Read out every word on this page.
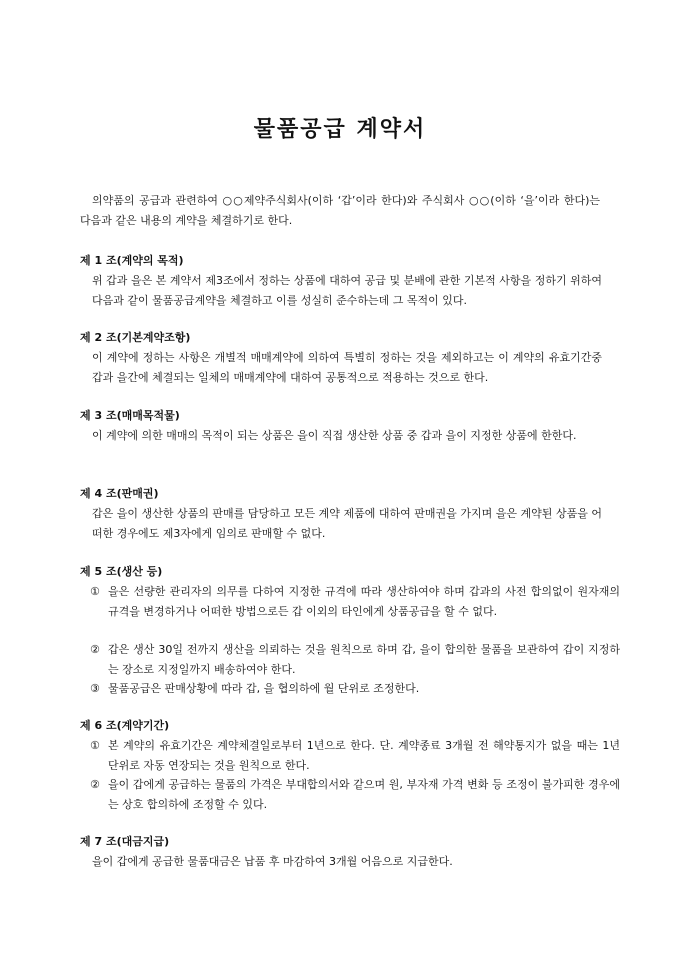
물품공급 계약서
의약품의 공급과 관련하여 ○○제약주식회사(이하 ‘갑’이라 한다)와 주식회사 ○○(이하 ‘을’이라 한다)는 다음과 같은 내용의 계약을 체결하기로 한다.
제 1 조(계약의 목적)
위 갑과 을은 본 계약서 제3조에서 정하는 상품에 대하여 공급 및 분배에 관한 기본적 사항을 정하기 위하여 다음과 같이 물품공급계약을 체결하고 이를 성실히 준수하는데 그 목적이 있다.
제 2 조(기본계약조항)
이 계약에 정하는 사항은 개별적 매매계약에 의하여 특별히 정하는 것을 제외하고는 이 계약의 유효기간중 갑과 을간에 체결되는 일체의 매매계약에 대하여 공통적으로 적용하는 것으로 한다.
제 3 조(매매목적물)
이 계약에 의한 매매의 목적이 되는 상품은 을이 직접 생산한 상품 중 갑과 을이 지정한 상품에 한한다.
제 4 조(판매권)
갑은 을이 생산한 상품의 판매를 담당하고 모든 계약 제품에 대하여 판매권을 가지며 을은 계약된 상품을 어떠한 경우에도 제3자에게 임의로 판매할 수 없다.
제 5 조(생산 등)
① 을은 선량한 관리자의 의무를 다하여 지정한 규격에 따라 생산하여야 하며 갑과의 사전 합의없이 원자재의 규격을 변경하거나 어떠한 방법으로든 갑 이외의 타인에게 상품공급을 할 수 없다.
② 갑은 생산 30일 전까지 생산을 의뢰하는 것을 원칙으로 하며 갑, 을이 합의한 물품을 보관하여 갑이 지정하는 장소로 지정일까지 배송하여야 한다.
③ 물품공급은 판매상황에 따라 갑, 을 협의하에 월 단위로 조정한다.
제 6 조(계약기간)
① 본 계약의 유효기간은 계약체결일로부터 1년으로 한다. 단. 계약종료 3개월 전 해약통지가 없을 때는 1년 단위로 자동 연장되는 것을 원칙으로 한다.
② 을이 갑에게 공급하는 물품의 가격은 부대합의서와 같으며 원, 부자재 가격 변화 등 조정이 불가피한 경우에는 상호 합의하에 조정할 수 있다.
제 7 조(대금지급)
을이 갑에게 공급한 물품대금은 납품 후 마감하여 3개월 어음으로 지급한다.
